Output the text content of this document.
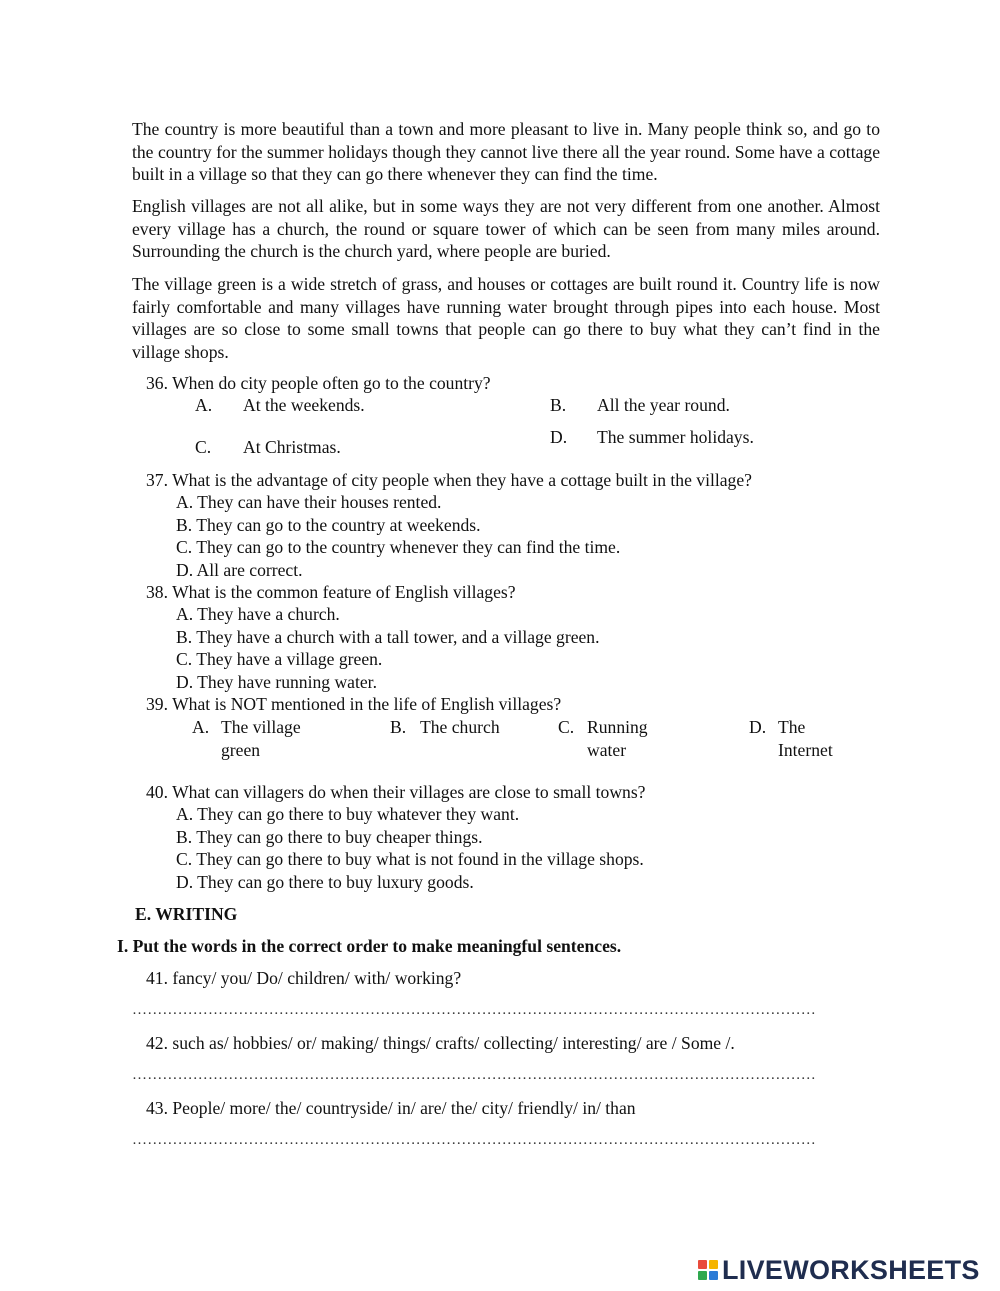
The country is more beautiful than a town and more pleasant to live in. Many people think so, and go to the country for the summer holidays though they cannot live there all the year round. Some have a cottage built in a village so that they can go there whenever they can find the time.
English villages are not all alike, but in some ways they are not very different from one another. Almost every village has a church, the round or square tower of which can be seen from many miles around. Surrounding the church is the church yard, where people are buried.
The village green is a wide stretch of grass, and houses or cottages are built round it. Country life is now fairly comfortable and many villages have running water brought through pipes into each house. Most villages are so close to some small towns that people can go there to buy what they can’t find in the village shops.
36. When do city people often go to the country?
A. At the weekends.	B. All the year round.
C. At Christmas.	D. The summer holidays.
37. What is the advantage of city people when they have a cottage built in the village?
A. They can have their houses rented.
B. They can go to the country at weekends.
C. They can go to the country whenever they can find the time.
D. All are correct.
38. What is the common feature of English villages?
A. They have a church.
B. They have a church with a tall tower, and a village green.
C. They have a village green.
D. They have running water.
39. What is NOT mentioned in the life of English villages?
A. The village
green
B. The church	C. Running
water
D. The
Internet
40. What can villagers do when their villages are close to small towns?
A. They can go there to buy whatever they want.
B. They can go there to buy cheaper things.
C. They can go there to buy what is not found in the village shops.
D. They can go there to buy luxury goods.
E. WRITING
I. Put the words in the correct order to make meaningful sentences.
41. fancy/ you/ Do/ children/ with/ working?
………………………………………………………………………………………………………………………
42. such as/ hobbies/ or/ making/ things/ crafts/ collecting/ interesting/ are / Some /.
………………………………………………………………………………………………………………………
43. People/ more/ the/ countryside/ in/ are/ the/ city/ friendly/ in/ than
………………………………………………………………………………………………………………………
LIVEWORKSHEETS
